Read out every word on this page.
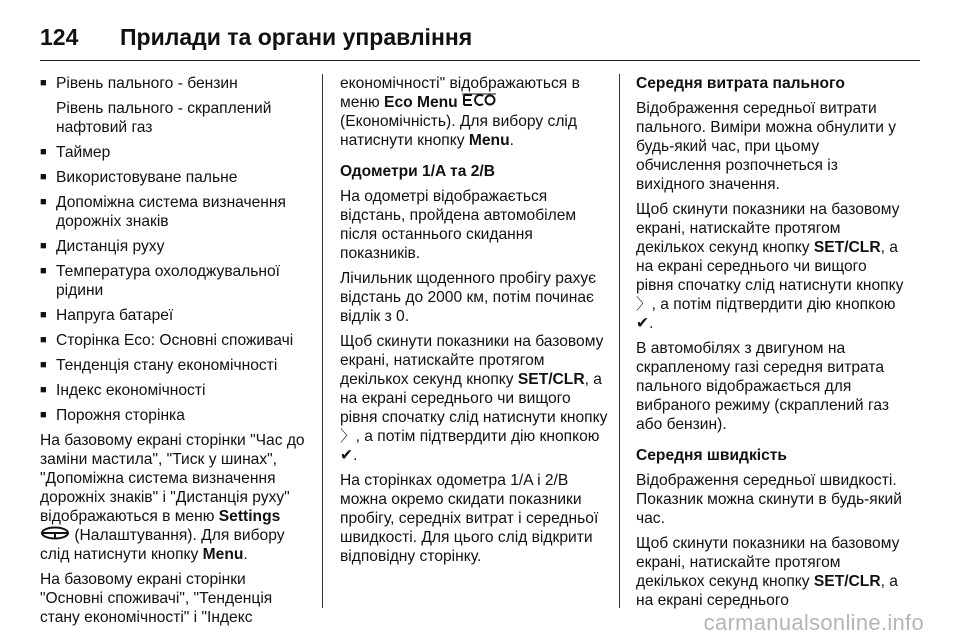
124	Прилади та органи управління
■ Рівень пального - бензин
Рівень пального - скраплений нафтовий газ
■ Таймер
■ Використовуване пальне
■ Допоміжна система визначення дорожніх знаків
■ Дистанція руху
■ Температура охолоджувальної рідини
■ Напруга батареї
■ Сторінка Eco: Основні споживачі
■ Тенденція стану економічності
■ Індекс економічності
■ Порожня сторінка

На базовому екрані сторінки "Час до заміни мастила", "Тиск у шинах", "Допоміжна система визначення дорожніх знаків" і "Дистанція руху" відображаються в меню Settings
(Налаштування). Для вибору слід натиснути кнопку Menu.

На базовому екрані сторінки "Основні споживачі", "Тенденція стану економічності" і "Індекс

економічності" відображаються в меню Eco Menu
(Економічність). Для вибору слід натиснути кнопку Menu.

Одометри 1/A та 2/B

На одометрі відображається відстань, пройдена автомобілем після останнього скидання показників.

Лічильник щоденного пробігу рахує відстань до 2000 км, потім починає відлік з 0.

Щоб скинути показники на базовому екрані, натискайте протягом декількох секунд кнопку SET/CLR, а на екрані середнього чи вищого рівня спочатку слід натиснути кнопку 〉, а потім підтвердити дію кнопкою ✔.

На сторінках одометра 1/A і 2/B можна окремо скидати показники пробігу, середніх витрат і середньої швидкості. Для цього слід відкрити відповідну сторінку.

Середня витрата пального

Відображення середньої витрати пального. Виміри можна обнулити у будь-який час, при цьому обчислення розпочнеться із вихідного значення.

Щоб скинути показники на базовому екрані, натискайте протягом декількох секунд кнопку SET/CLR, а на екрані середнього чи вищого рівня спочатку слід натиснути кнопку 〉, а потім підтвердити дію кнопкою ✔.

В автомобілях з двигуном на скрапленому газі середня витрата пального відображається для вибраного режиму (скраплений газ або бензин).

Середня швидкість

Відображення середньої швидкості. Показник можна скинути в будь-який час.

Щоб скинути показники на базовому екрані, натискайте протягом декількох секунд кнопку SET/CLR, а на екрані середнього

carmanualsonline.info
